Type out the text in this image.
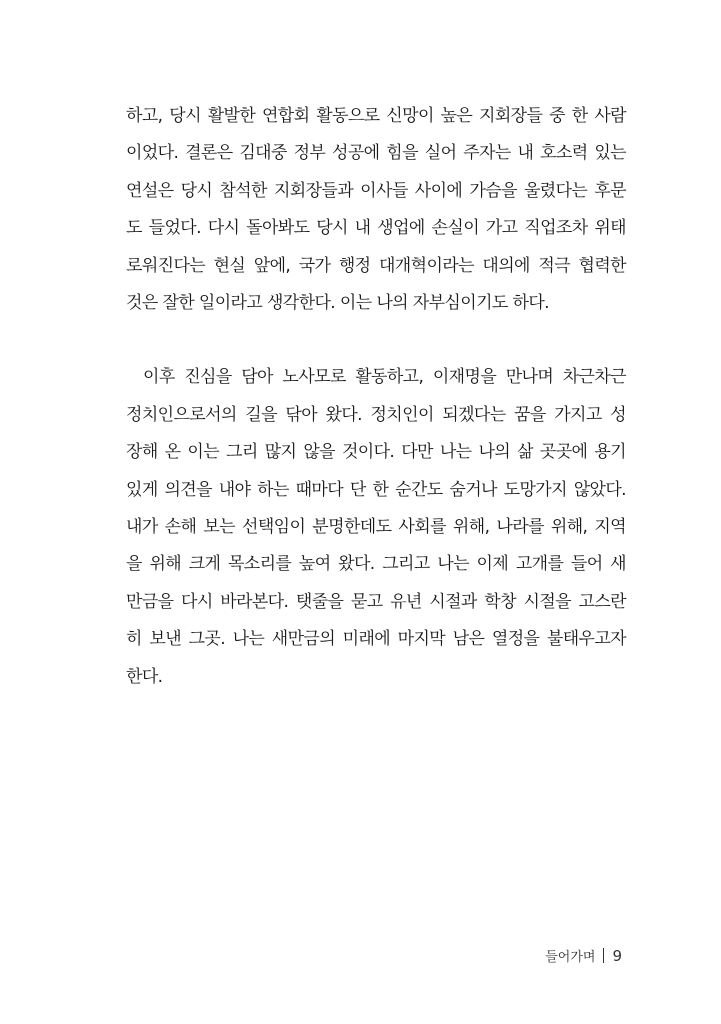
하고, 당시 활발한 연합회 활동으로 신망이 높은 지회장들 중 한 사람
이었다. 결론은 김대중 정부 성공에 힘을 실어 주자는 내 호소력 있는
연설은 당시 참석한 지회장들과 이사들 사이에 가슴을 울렸다는 후문
도 들었다. 다시 돌아봐도 당시 내 생업에 손실이 가고 직업조차 위태
로워진다는 현실 앞에, 국가 행정 대개혁이라는 대의에 적극 협력한
것은 잘한 일이라고 생각한다. 이는 나의 자부심이기도 하다.
이후 진심을 담아 노사모로 활동하고, 이재명을 만나며 차근차근
정치인으로서의 길을 닦아 왔다. 정치인이 되겠다는 꿈을 가지고 성
장해 온 이는 그리 많지 않을 것이다. 다만 나는 나의 삶 곳곳에 용기
있게 의견을 내야 하는 때마다 단 한 순간도 숨거나 도망가지 않았다.
내가 손해 보는 선택임이 분명한데도 사회를 위해, 나라를 위해, 지역
을 위해 크게 목소리를 높여 왔다. 그리고 나는 이제 고개를 들어 새
만금을 다시 바라본다. 탯줄을 묻고 유년 시절과 학창 시절을 고스란
히 보낸 그곳. 나는 새만금의 미래에 마지막 남은 열정을 불태우고자
한다.
들어가며 9
